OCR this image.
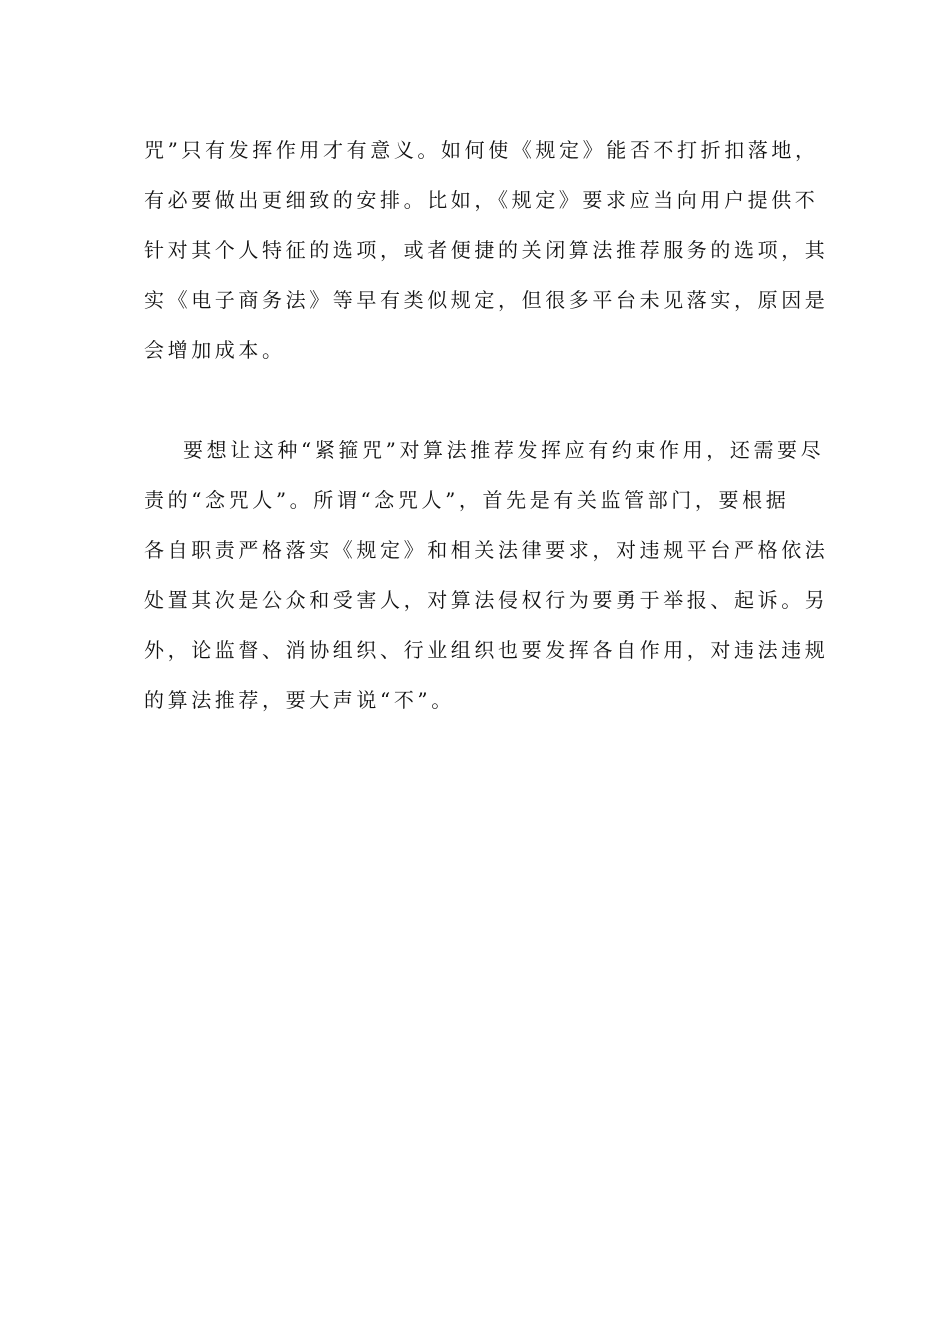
咒”只有发挥作用才有意义。如何使《规定》能否不打折扣落地，
有必要做出更细致的安排。比如，《规定》要求应当向用户提供不
针对其个人特征的选项，或者便捷的关闭算法推荐服务的选项，其
实《电子商务法》等早有类似规定，但很多平台未见落实，原因是
会增加成本。
要想让这种“紧箍咒”对算法推荐发挥应有约束作用，还需要尽
责的“念咒人”。所谓“念咒人”，首先是有关监管部门，要根据
各自职责严格落实《规定》和相关法律要求，对违规平台严格依法
处置其次是公众和受害人，对算法侵权行为要勇于举报、起诉。另
外，论监督、消协组织、行业组织也要发挥各自作用，对违法违规
的算法推荐，要大声说“不”。
